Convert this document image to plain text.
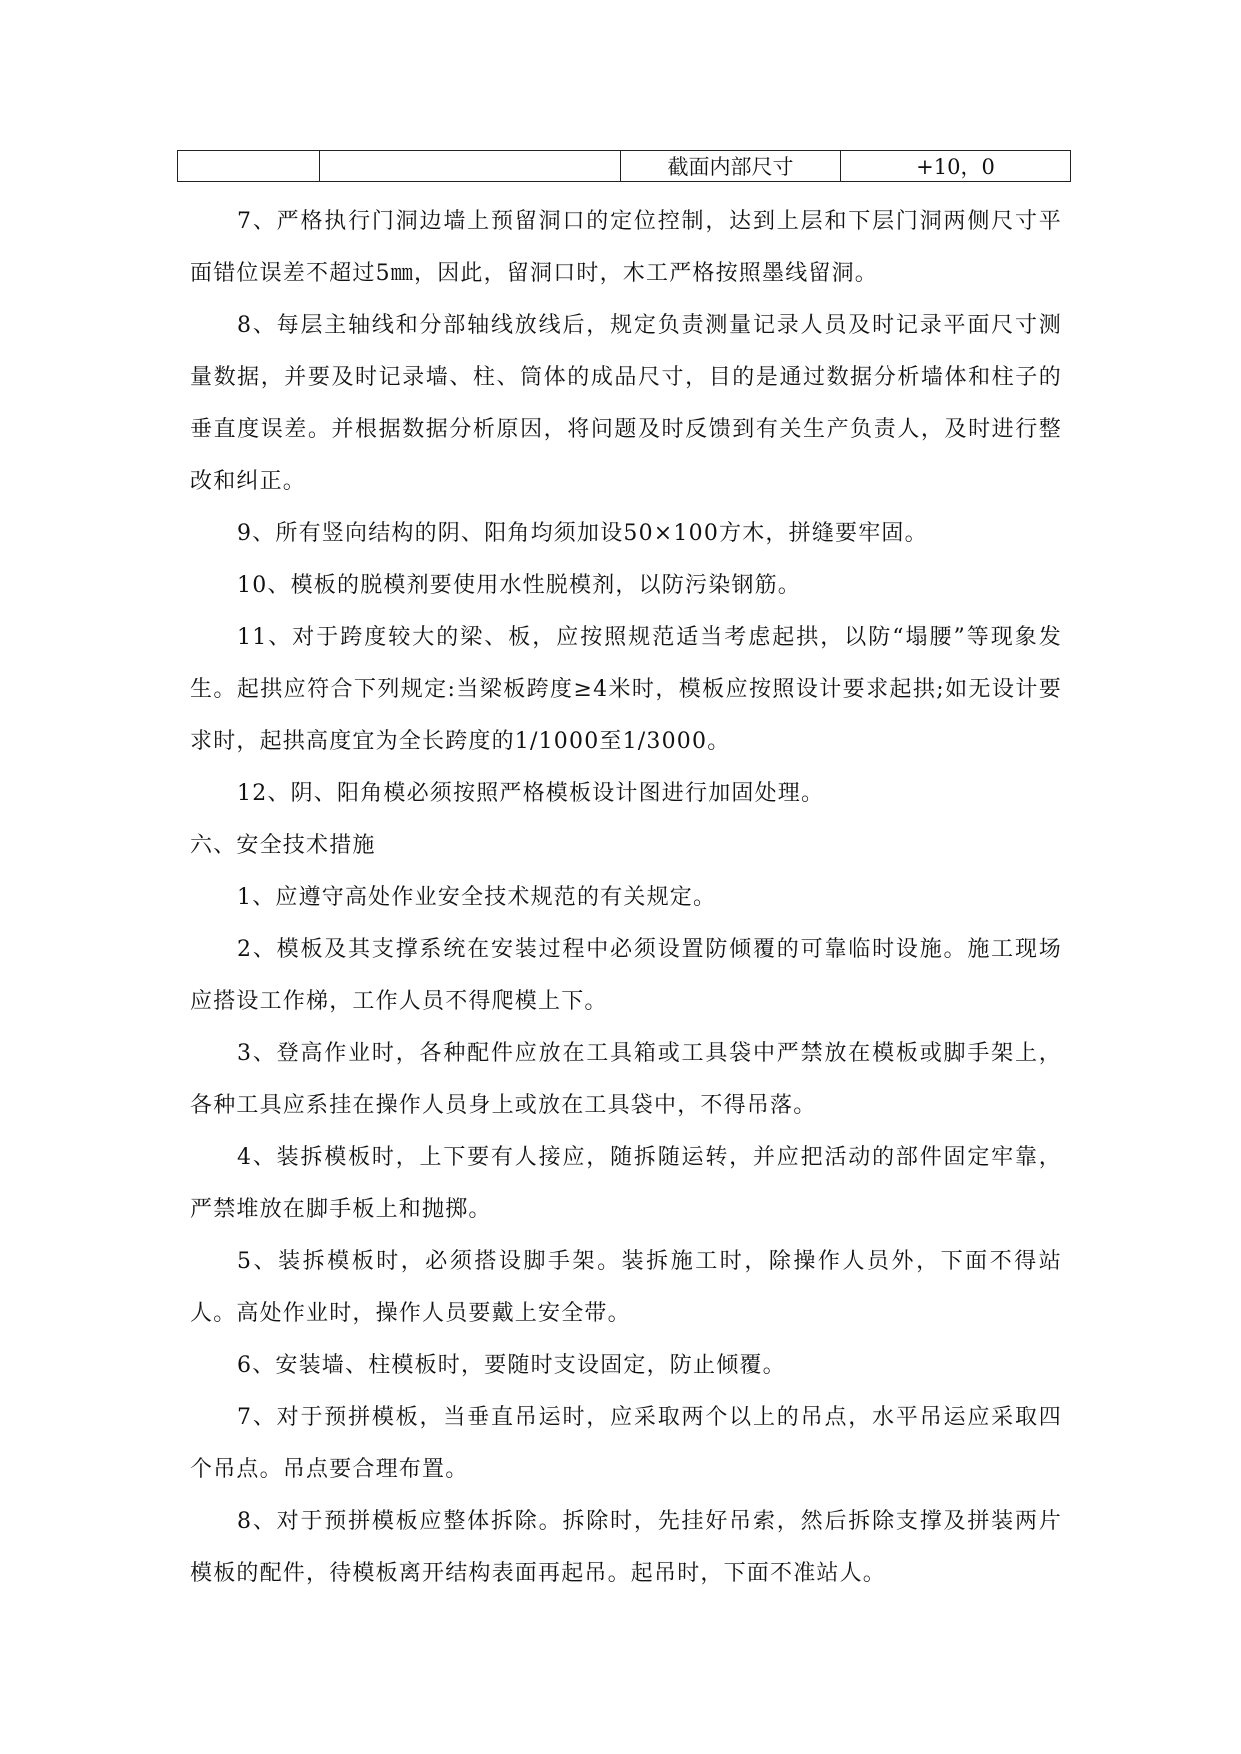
		截面内部尺寸	+10，0

7、严格执行门洞边墙上预留洞口的定位控制，达到上层和下层门洞两侧尺寸平面错位误差不超过5㎜，因此，留洞口时，木工严格按照墨线留洞。

8、每层主轴线和分部轴线放线后，规定负责测量记录人员及时记录平面尺寸测量数据，并要及时记录墙、柱、筒体的成品尺寸，目的是通过数据分析墙体和柱子的垂直度误差。并根据数据分析原因，将问题及时反馈到有关生产负责人，及时进行整改和纠正。

9、所有竖向结构的阴、阳角均须加设50×100方木，拼缝要牢固。

10、模板的脱模剂要使用水性脱模剂，以防污染钢筋。

11、对于跨度较大的梁、板，应按照规范适当考虑起拱，以防“塌腰”等现象发生。起拱应符合下列规定:当梁板跨度≥4米时，模板应按照设计要求起拱;如无设计要求时，起拱高度宜为全长跨度的1/1000至1/3000。

12、阴、阳角模必须按照严格模板设计图进行加固处理。

六、安全技术措施

1、应遵守高处作业安全技术规范的有关规定。

2、模板及其支撑系统在安装过程中必须设置防倾覆的可靠临时设施。施工现场应搭设工作梯，工作人员不得爬模上下。

3、登高作业时，各种配件应放在工具箱或工具袋中严禁放在模板或脚手架上，各种工具应系挂在操作人员身上或放在工具袋中，不得吊落。

4、装拆模板时，上下要有人接应，随拆随运转，并应把活动的部件固定牢靠，严禁堆放在脚手板上和抛掷。

5、装拆模板时，必须搭设脚手架。装拆施工时，除操作人员外，下面不得站人。高处作业时，操作人员要戴上安全带。

6、安装墙、柱模板时，要随时支设固定，防止倾覆。

7、对于预拼模板，当垂直吊运时，应采取两个以上的吊点，水平吊运应采取四个吊点。吊点要合理布置。

8、对于预拼模板应整体拆除。拆除时，先挂好吊索，然后拆除支撑及拼装两片模板的配件，待模板离开结构表面再起吊。起吊时，下面不准站人。
